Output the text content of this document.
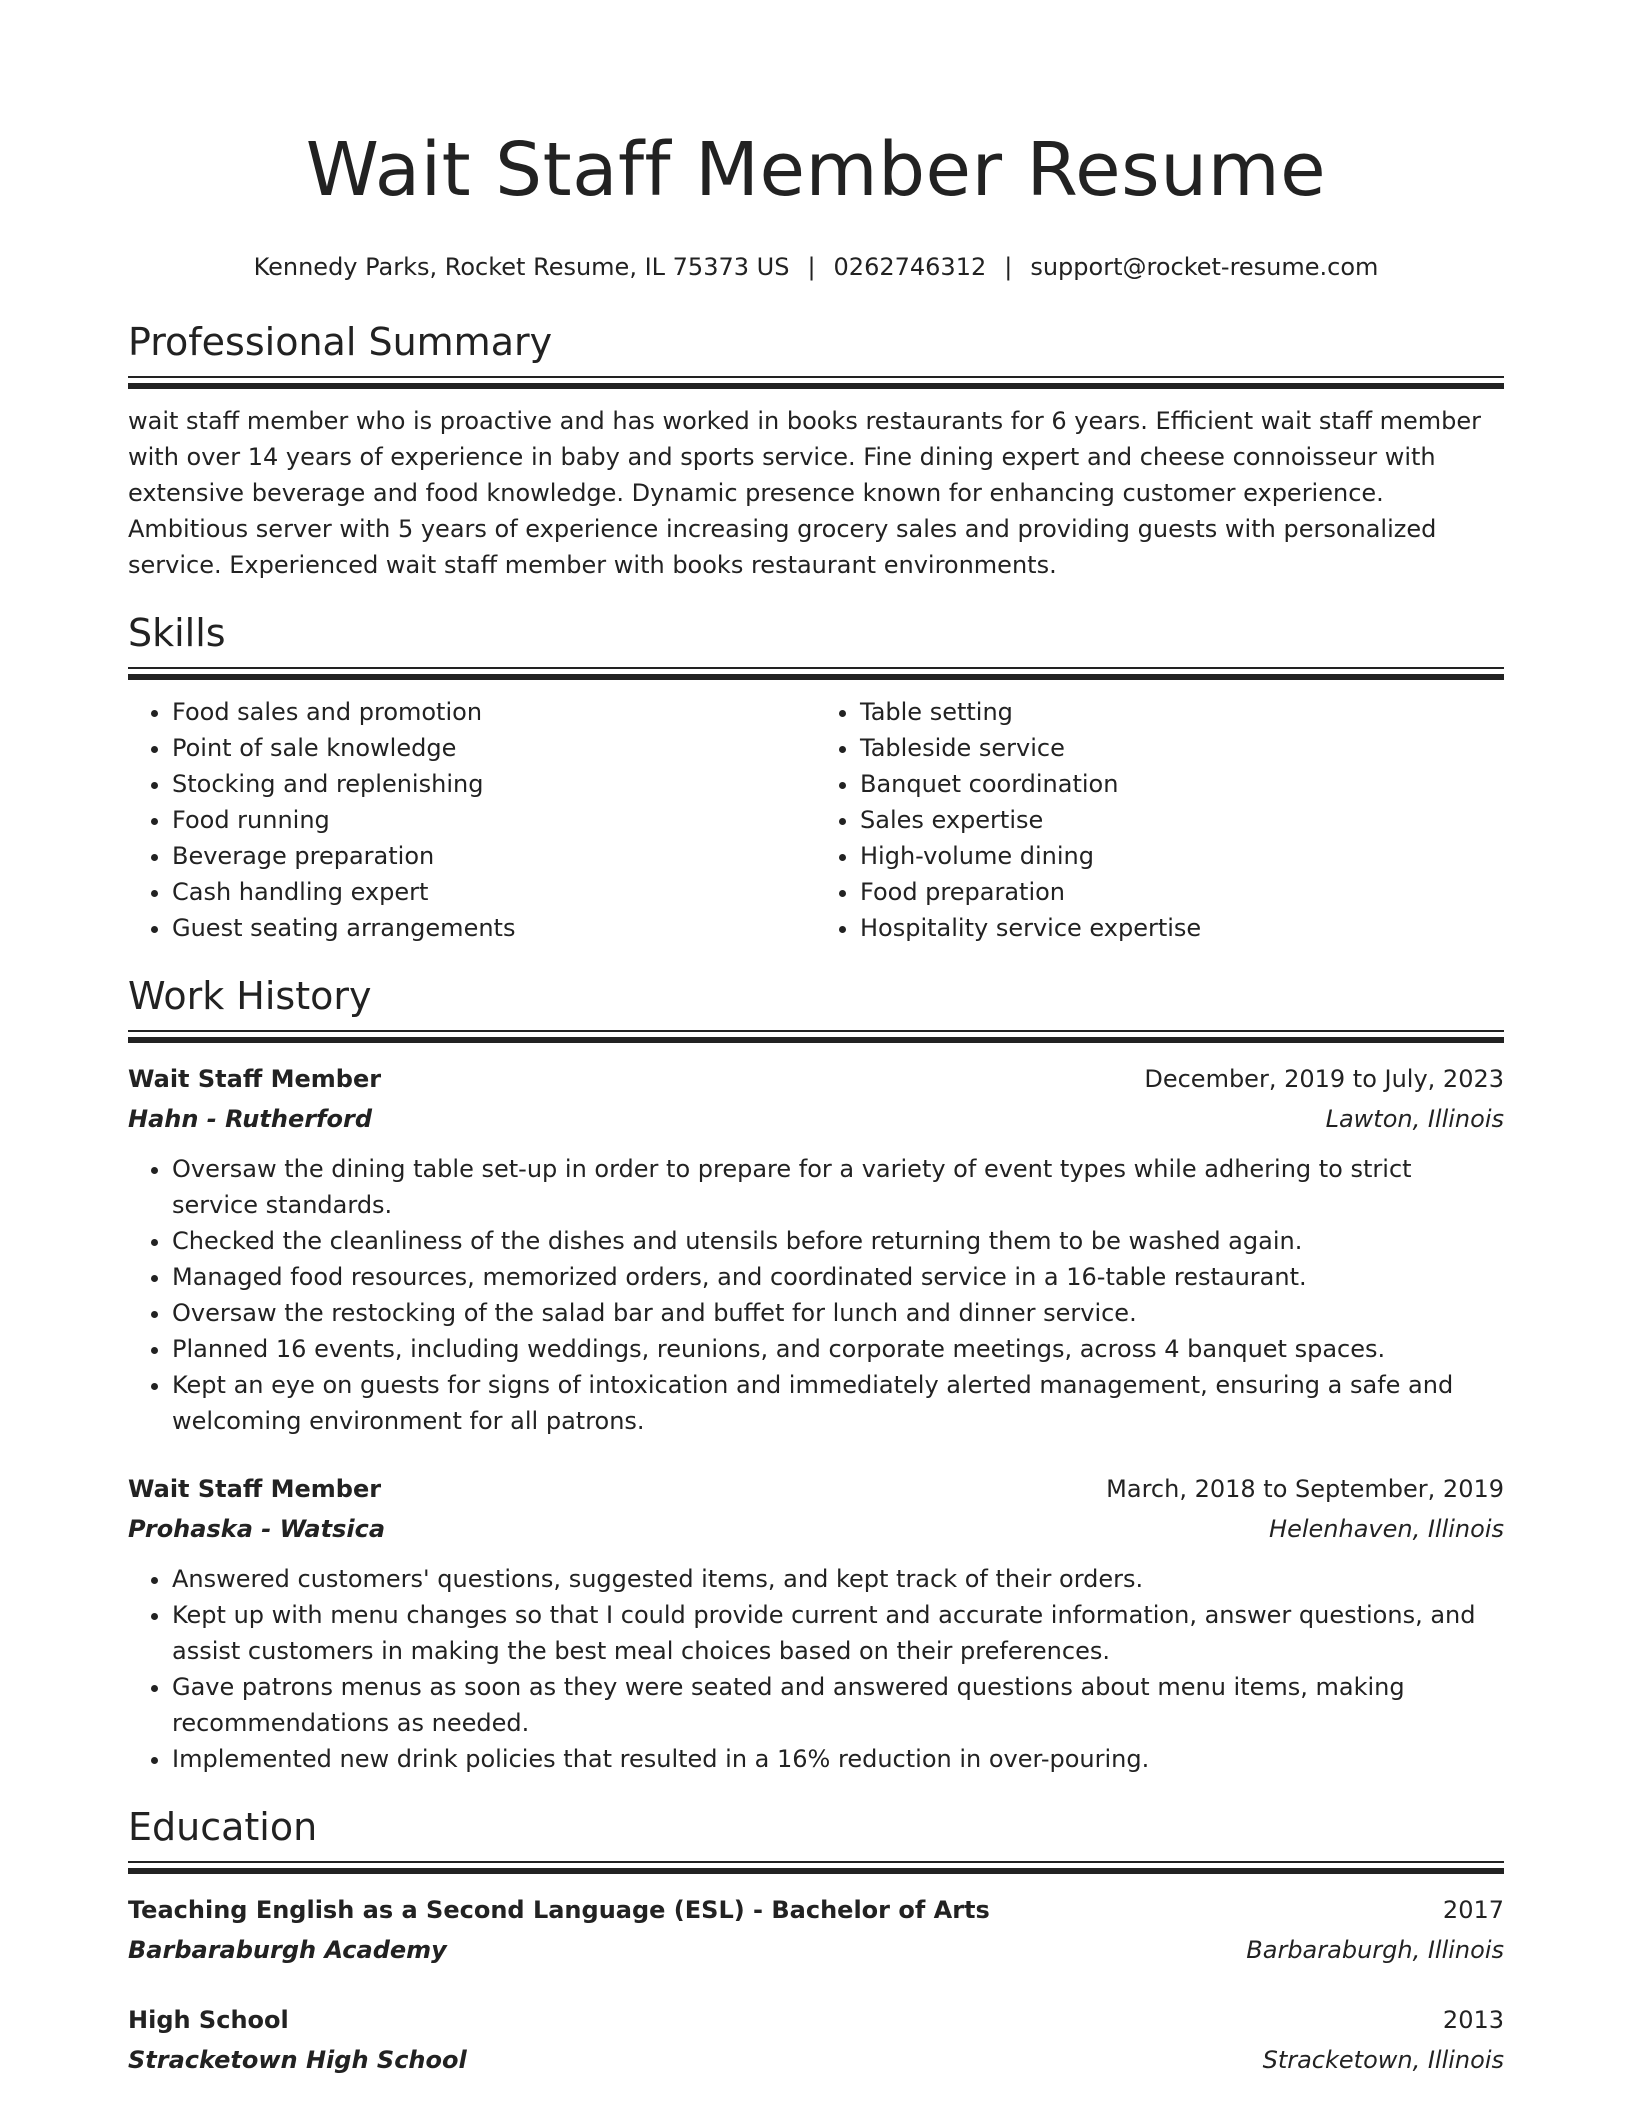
Wait Staff Member Resume
Kennedy Parks, Rocket Resume, IL 75373 US | 0262746312 | support@rocket-resume.com
Professional Summary
wait staff member who is proactive and has worked in books restaurants for 6 years. Efficient wait staff member with over 14 years of experience in baby and sports service. Fine dining expert and cheese connoisseur with extensive beverage and food knowledge. Dynamic presence known for enhancing customer experience. Ambitious server with 5 years of experience increasing grocery sales and providing guests with personalized service. Experienced wait staff member with books restaurant environments.
Skills
• Food sales and promotion
• Point of sale knowledge
• Stocking and replenishing
• Food running
• Beverage preparation
• Cash handling expert
• Guest seating arrangements
• Table setting
• Tableside service
• Banquet coordination
• Sales expertise
• High-volume dining
• Food preparation
• Hospitality service expertise
Work History
Wait Staff Member	December, 2019 to July, 2023
Hahn - Rutherford	Lawton, Illinois
• Oversaw the dining table set-up in order to prepare for a variety of event types while adhering to strict service standards.
• Checked the cleanliness of the dishes and utensils before returning them to be washed again.
• Managed food resources, memorized orders, and coordinated service in a 16-table restaurant.
• Oversaw the restocking of the salad bar and buffet for lunch and dinner service.
• Planned 16 events, including weddings, reunions, and corporate meetings, across 4 banquet spaces.
• Kept an eye on guests for signs of intoxication and immediately alerted management, ensuring a safe and welcoming environment for all patrons.
Wait Staff Member	March, 2018 to September, 2019
Prohaska - Watsica	Helenhaven, Illinois
• Answered customers' questions, suggested items, and kept track of their orders.
• Kept up with menu changes so that I could provide current and accurate information, answer questions, and assist customers in making the best meal choices based on their preferences.
• Gave patrons menus as soon as they were seated and answered questions about menu items, making recommendations as needed.
• Implemented new drink policies that resulted in a 16% reduction in over-pouring.
Education
Teaching English as a Second Language (ESL) - Bachelor of Arts	2017
Barbaraburgh Academy	Barbaraburgh, Illinois
High School	2013
Stracketown High School	Stracketown, Illinois
